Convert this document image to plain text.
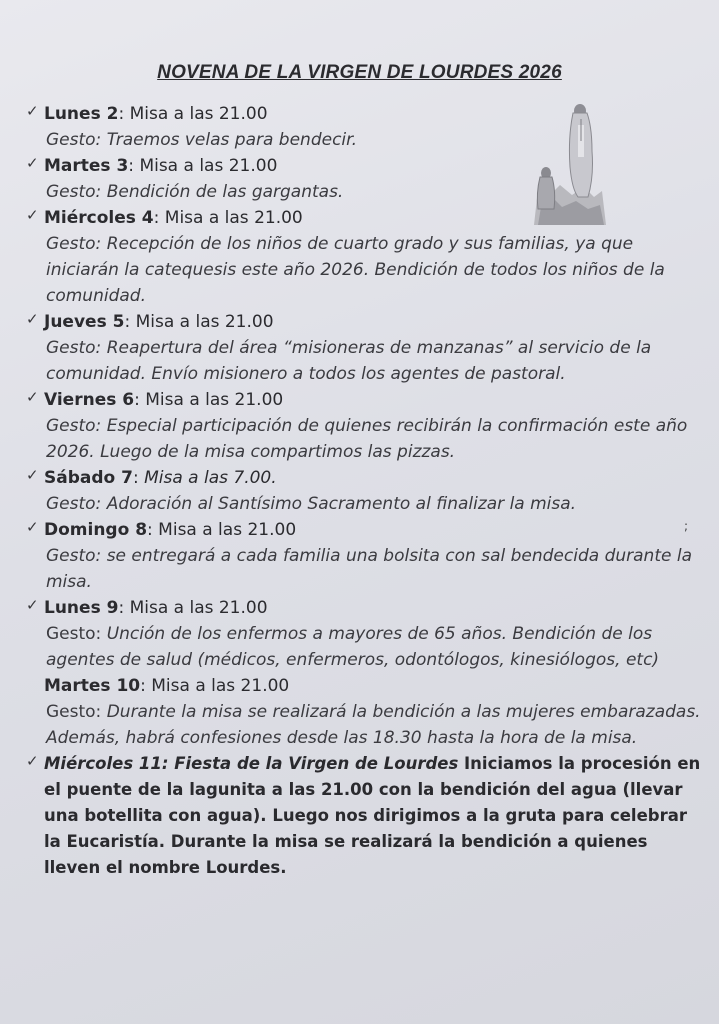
NOVENA DE LA VIRGEN DE LOURDES 2026
✓ Lunes 2: Misa a las 21.00
Gesto: Traemos velas para bendecir.
✓ Martes 3: Misa a las 21.00
Gesto: Bendición de las gargantas.
✓ Miércoles 4: Misa a las 21.00
Gesto: Recepción de los niños de cuarto grado y sus familias, ya que iniciarán la catequesis este año 2026. Bendición de todos los niños de la comunidad.
✓ Jueves 5: Misa a las 21.00
Gesto: Reapertura del área “misioneras de manzanas” al servicio de la comunidad. Envío misionero a todos los agentes de pastoral.
✓ Viernes 6: Misa a las 21.00
Gesto: Especial participación de quienes recibirán la confirmación este año 2026. Luego de la misa compartimos las pizzas.
✓ Sábado 7: Misa a las 7.00.
Gesto: Adoración al Santísimo Sacramento al finalizar la misa.
✓ Domingo 8: Misa a las 21.00
Gesto: se entregará a cada familia una bolsita con sal bendecida durante la misa.
✓ Lunes 9: Misa a las 21.00
Gesto: Unción de los enfermos a mayores de 65 años. Bendición de los agentes de salud (médicos, enfermeros, odontólogos, kinesiólogos, etc)
Martes 10: Misa a las 21.00
Gesto: Durante la misa se realizará la bendición a las mujeres embarazadas. Además, habrá confesiones desde las 18.30 hasta la hora de la misa.
✓ Miércoles 11: Fiesta de la Virgen de Lourdes Iniciamos la procesión en el puente de la lagunita a las 21.00 con la bendición del agua (llevar una botellita con agua). Luego nos dirigimos a la gruta para celebrar la Eucaristía. Durante la misa se realizará la bendición a quienes lleven el nombre Lourdes.
;
